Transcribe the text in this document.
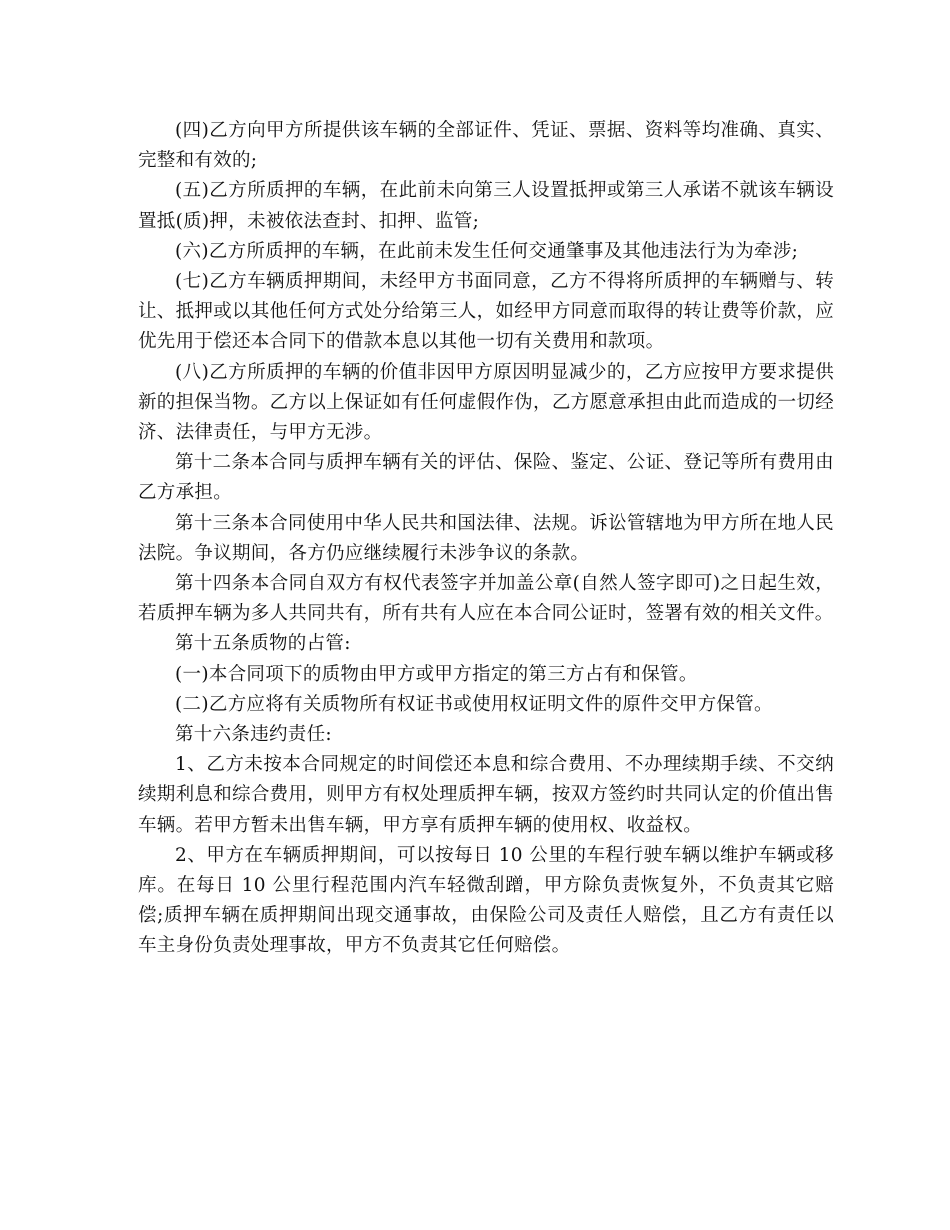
(四)乙方向甲方所提供该车辆的全部证件、凭证、票据、资料等均准确、真实、完整和有效的;

(五)乙方所质押的车辆，在此前未向第三人设置抵押或第三人承诺不就该车辆设置抵(质)押，未被依法查封、扣押、监管;

(六)乙方所质押的车辆，在此前未发生任何交通肇事及其他违法行为为牵涉;

(七)乙方车辆质押期间，未经甲方书面同意，乙方不得将所质押的车辆赠与、转让、抵押或以其他任何方式处分给第三人，如经甲方同意而取得的转让费等价款，应优先用于偿还本合同下的借款本息以其他一切有关费用和款项。

(八)乙方所质押的车辆的价值非因甲方原因明显减少的，乙方应按甲方要求提供新的担保当物。乙方以上保证如有任何虚假作伪，乙方愿意承担由此而造成的一切经济、法律责任，与甲方无涉。

第十二条本合同与质押车辆有关的评估、保险、鉴定、公证、登记等所有费用由乙方承担。

第十三条本合同使用中华人民共和国法律、法规。诉讼管辖地为甲方所在地人民法院。争议期间，各方仍应继续履行未涉争议的条款。

第十四条本合同自双方有权代表签字并加盖公章(自然人签字即可)之日起生效，若质押车辆为多人共同共有，所有共有人应在本合同公证时，签署有效的相关文件。

第十五条质物的占管:

(一)本合同项下的质物由甲方或甲方指定的第三方占有和保管。

(二)乙方应将有关质物所有权证书或使用权证明文件的原件交甲方保管。

第十六条违约责任:

1、乙方未按本合同规定的时间偿还本息和综合费用、不办理续期手续、不交纳续期利息和综合费用，则甲方有权处理质押车辆，按双方签约时共同认定的价值出售车辆。若甲方暂未出售车辆，甲方享有质押车辆的使用权、收益权。

2、甲方在车辆质押期间，可以按每日 10 公里的车程行驶车辆以维护车辆或移库。在每日 10 公里行程范围内汽车轻微刮蹭，甲方除负责恢复外，不负责其它赔偿;质押车辆在质押期间出现交通事故，由保险公司及责任人赔偿，且乙方有责任以车主身份负责处理事故，甲方不负责其它任何赔偿。
